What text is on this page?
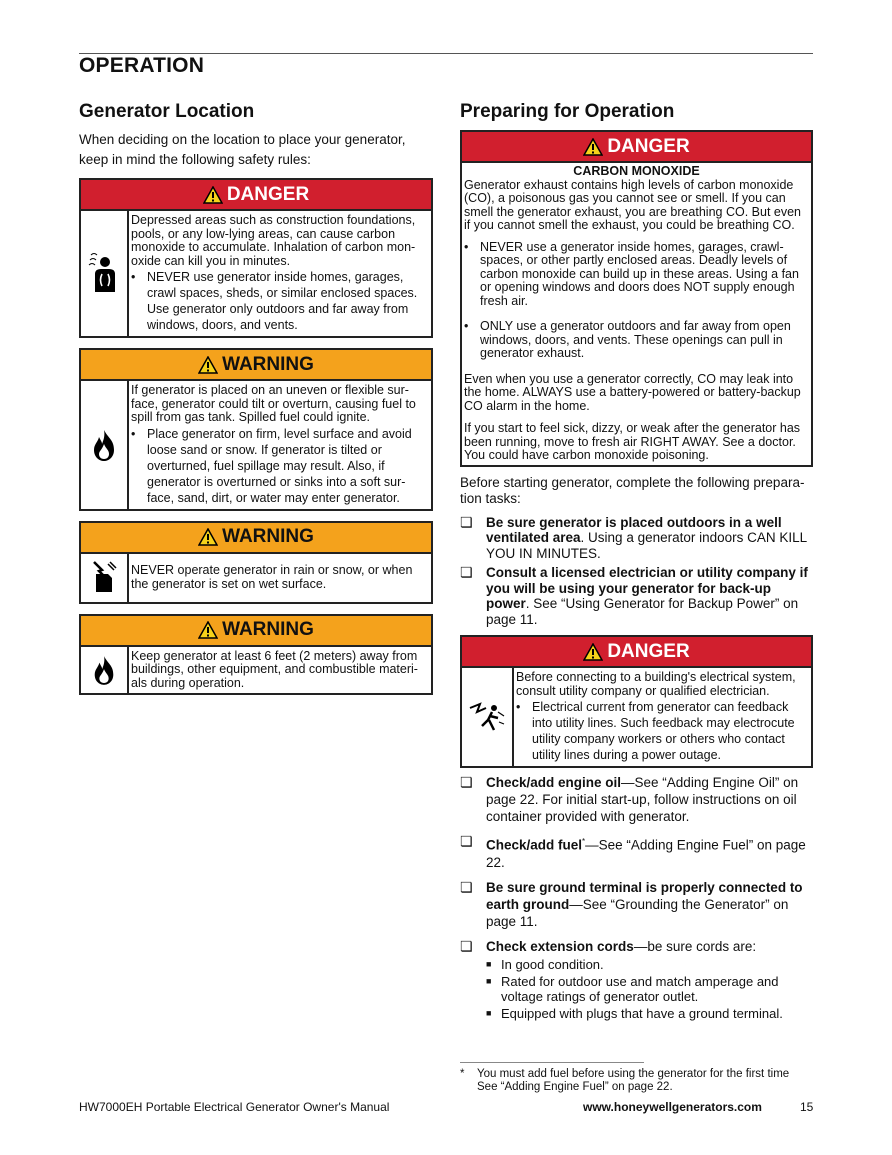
OPERATION
Generator Location
When deciding on the location to place your generator, keep in mind the following safety rules:
DANGER

Depressed areas such as construction foundations, pools, or any low-lying areas, can cause carbon monoxide to accumulate. Inhalation of carbon mon-oxide can kill you in minutes.

• NEVER use generator inside homes, garages, crawl spaces, sheds, or similar enclosed spaces. Use generator only outdoors and far away from windows, doors, and vents.
WARNING

If generator is placed on an uneven or flexible sur-face, generator could tilt or overturn, causing fuel to spill from gas tank. Spilled fuel could ignite.

• Place generator on firm, level surface and avoid loose sand or snow. If generator is tilted or overturned, fuel spillage may result. Also, if generator is overturned or sinks into a soft sur-face, sand, dirt, or water may enter generator.
WARNING

NEVER operate generator in rain or snow, or when the generator is set on wet surface.

WARNING

Keep generator at least 6 feet (2 meters) away from buildings, other equipment, and combustible materi-als during operation.

Preparing for Operation
DANGER

CARBON MONOXIDE

Generator exhaust contains high levels of carbon monoxide (CO), a poisonous gas you cannot see or smell. If you can smell the generator exhaust, you are breathing CO. But even if you cannot smell the exhaust, you could be breathing CO.

• NEVER use a generator inside homes, garages, crawl-spaces, or other partly enclosed areas. Deadly levels of carbon monoxide can build up in these areas. Using a fan or opening windows and doors does NOT supply enough fresh air.
• ONLY use a generator outdoors and far away from open windows, doors, and vents. These openings can pull in generator exhaust.

Even when you use a generator correctly, CO may leak into the home. ALWAYS use a battery-powered or battery-backup CO alarm in the home.

If you start to feel sick, dizzy, or weak after the generator has been running, move to fresh air RIGHT AWAY. See a doctor. You could have carbon monoxide poisoning.

Before starting generator, complete the following prepara-tion tasks:
❏ Be sure generator is placed outdoors in a well ventilated area. Using a generator indoors CAN KILL YOU IN MINUTES.
❏ Consult a licensed electrician or utility company if you will be using your generator for back-up power. See “Using Generator for Backup Power” on page 11.
DANGER

Before connecting to a building's electrical system, consult utility company or qualified electrician.

• Electrical current from generator can feedback into utility lines. Such feedback may electrocute utility company workers or others who contact utility lines during a power outage.
❏ Check/add engine oil—See “Adding Engine Oil” on page 22. For initial start-up, follow instructions on oil container provided with generator.
❏ Check/add fuel*—See “Adding Engine Fuel” on page 22.
❏ Be sure ground terminal is properly connected to earth ground—See “Grounding the Generator” on page 11.
❏ Check extension cords—be sure cords are:
■ In good condition.
■ Rated for outdoor use and match amperage and voltage ratings of generator outlet.
■ Equipped with plugs that have a ground terminal.
*	You must add fuel before using the generator for the first time See “Adding Engine Fuel” on page 22.
HW7000EH Portable Electrical Generator Owner's Manual	www.honeywellgenerators.com	15
